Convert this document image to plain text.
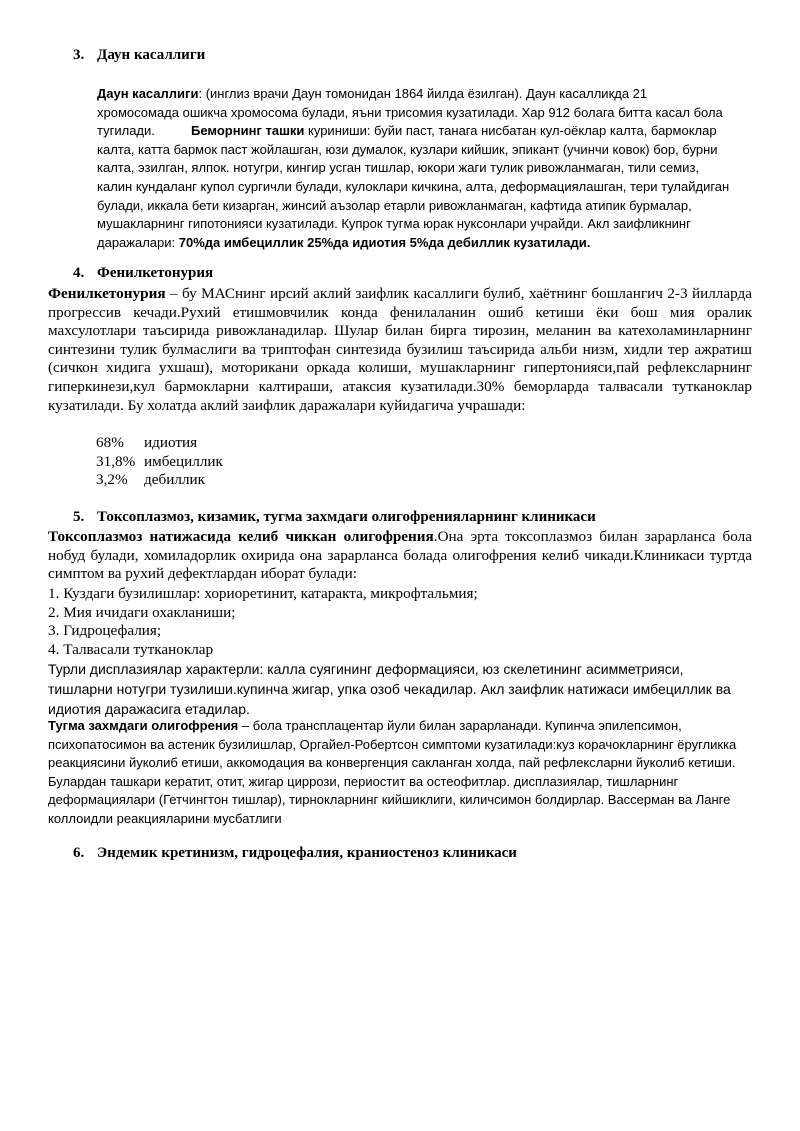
3. Даун касаллиги
Даун касаллиги: (инглиз врачи Даун томонидан 1864 йилда ёзилган). Даун касалликда 21 хромосомада ошикча хромосома булади, яъни трисомия кузатилади. Хар 912 болага битта касал бола тугилади.	Беморнинг ташки куриниши: буйи паст, танага нисбатан кул-оёклар калта, бармоклар калта, катта бармок паст жойлашган, юзи думалок, кузлари кийшик, эпикант (учинчи ковок) бор, бурни калта, эзилган, ялпок. нотугри, кингир усган тишлар, юкори жаги тулик ривожланмаган, тили семиз, калин кундаланг купол сургичли булади, кулоклари кичкина, алта, деформациялашган, тери тулайдиган булади, иккала бети кизарган, жинсий аъзолар етарли ривожланмаган, кафтида атипик бурмалар, мушакларнинг гипотонияси кузатилади. Купрок тугма юрак нуксонлари учрайди. Акл заифликнинг даражалари: 70%да имбециллик 25%да идиотия 5%да дебиллик кузатилади.
4. Фенилкетонурия
Фенилкетонурия – бу МАСнинг ирсий аклий заифлик касаллиги булиб, хаётнинг бошлангич 2-3 йилларда прогрессив кечади.Рухий етишмовчилик конда фенилаланин ошиб кетиши ёки бош мия оралик махсулотлари таъсирида ривожланадилар. Шулар билан бирга тирозин, меланин ва катехоламинларнинг синтезини тулик булмаслиги ва триптофан синтезида бузилиш таъсирида альби низм, хидли тер ажратиш (сичкон хидига ухшаш), моторикани оркада колиши, мушакларнинг гипертонияси,пай рефлексларнинг гиперкинези,кул бармокларни калтираши, атаксия кузатилади.30% беморларда талвасали тутканоклар кузатилади. Бу холатда аклий заифлик даражалари куйидагича учрашади:
68% идиотия
31,8% имбециллик
3,2% дебиллик
5. Токсоплазмоз, кизамик, тугма захмдаги олигофренияларнинг клиникаси
Токсоплазмоз натижасида келиб чиккан олигофрения.Она эрта токсоплазмоз билан зарарланса бола нобуд булади, хомиладорлик охирида она зарарланса болада олигофрения келиб чикади.Клиникаси туртда симптом ва рухий дефектлардан иборат булади:
1. Куздаги бузилишлар: хориоретинит, катаракта, микрофтальмия;
2. Мия ичидаги охакланиши;
3. Гидроцефалия;
4. Талвасали тутканоклар
Турли дисплазиялар характерли: калла суягининг деформацияси, юз скелетининг асимметрияси, тишларни нотугри тузилиши.купинча жигар, упка озоб чекадилар. Акл заифлик натижаси имбециллик ва идиотия даражасига етадилар.
Тугма захмдаги олигофрения – бола трансплацентар йули билан зарарланади. Купинча эпилепсимон, психопатосимон ва астеник бузилишлар, Оргайел-Робертсон симптоми кузатилади:куз корачокларнинг ёругликка реакциясини йуколиб етиши, аккомодация ва конвергенция сакланган холда, пай рефлексларни йуколиб кетиши. Булардан ташкари кератит, отит, жигар циррози, периостит ва остеофитлар. дисплазиялар, тишларнинг деформациялари (Гетчингтон тишлар), тирнокларнинг кийшиклиги, киличсимон болдирлар. Вассерман ва Ланге коллоидли реакцияларини мусбатлиги
6. Эндемик кретинизм, гидроцефалия, краниостеноз клиникаси
